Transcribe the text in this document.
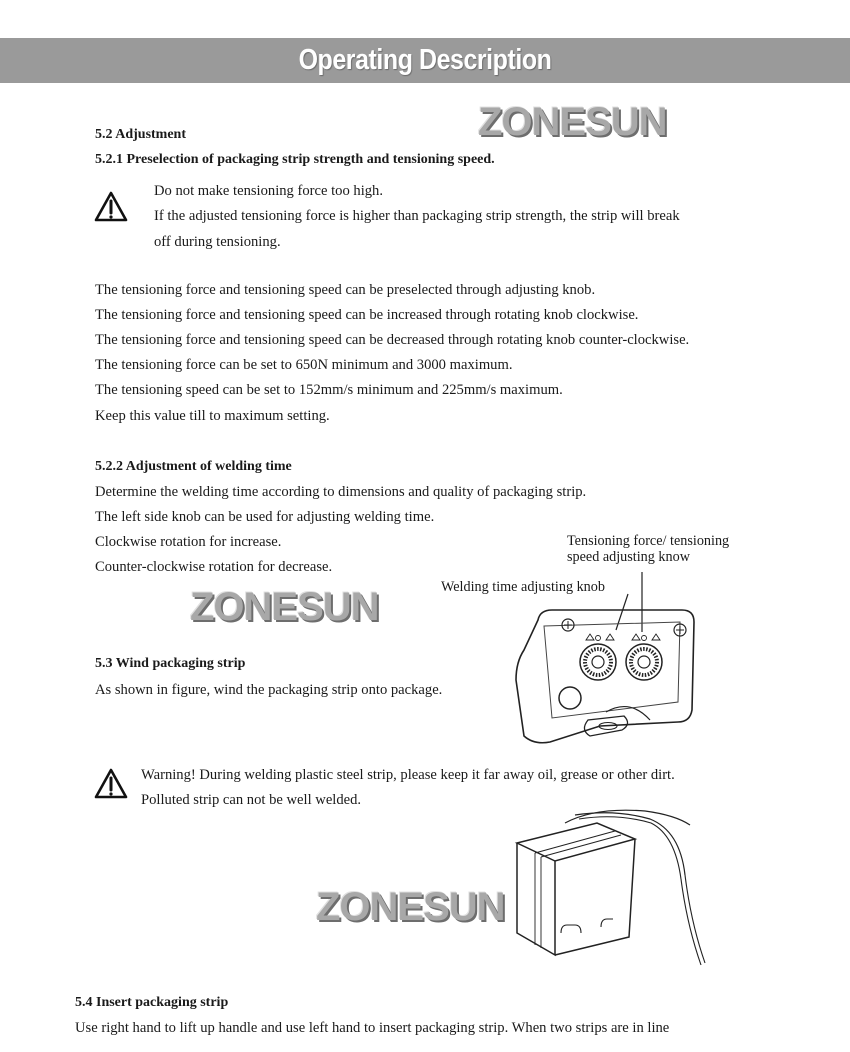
Operating Description
ZONESUN
ZONESUN
ZONESUN
5.2 Adjustment
5.2.1 Preselection of packaging strip strength and tensioning speed.
Do not make tensioning force too high.
If the adjusted tensioning force is higher than packaging strip strength, the strip will break
off during tensioning.
The tensioning force and tensioning speed can be preselected through adjusting knob.
The tensioning force and tensioning speed can be increased through rotating knob clockwise.
The tensioning force and tensioning speed can be decreased through rotating knob counter-clockwise.
The tensioning force can be set to 650N minimum and 3000 maximum.
The tensioning speed can be set to 152mm/s minimum and 225mm/s maximum.
Keep this value till to maximum setting.
5.2.2 Adjustment of welding time
Determine the welding time according to dimensions and quality of packaging strip.
The left side knob can be used for adjusting welding time.
Clockwise rotation for increase.
Counter-clockwise rotation for decrease.
Tensioning force/ tensioning
speed adjusting know
Welding time adjusting knob
5.3 Wind packaging strip
As shown in figure, wind the packaging strip onto package.
Warning! During welding plastic steel strip, please keep it far away oil, grease or other dirt.
Polluted strip can not be well welded.
5.4 Insert packaging strip
Use right hand to lift up handle and use left hand to insert packaging strip. When two strips are in line
